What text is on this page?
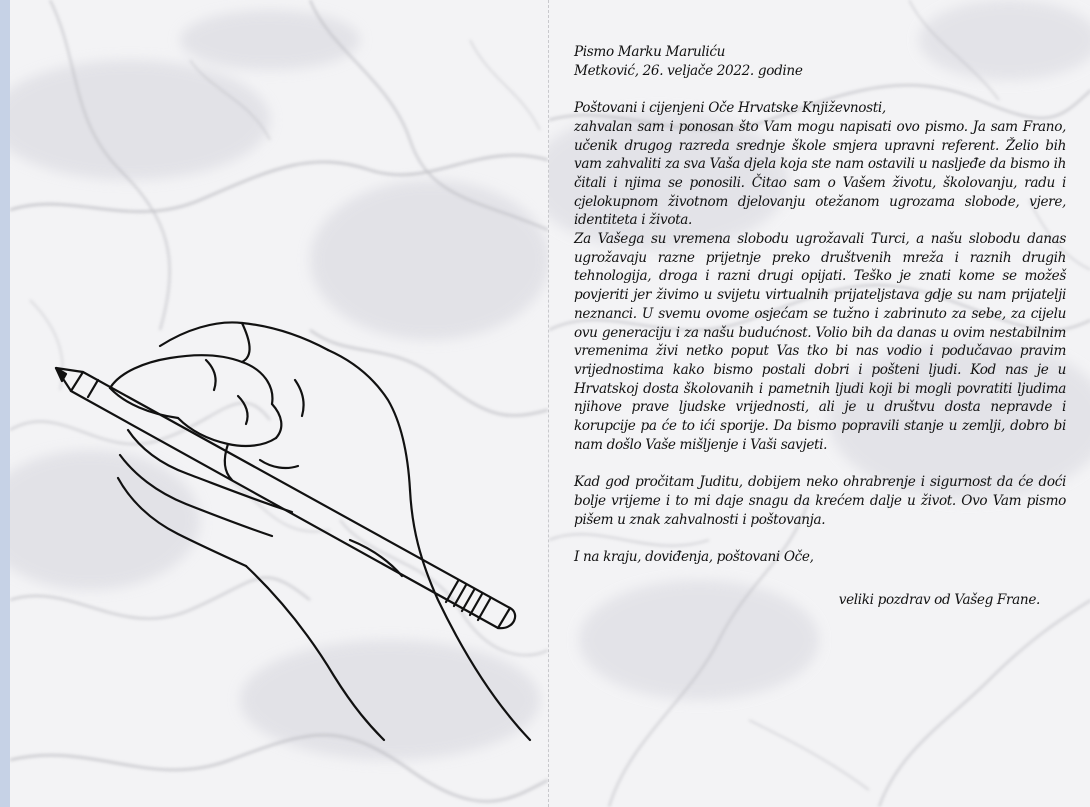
Pismo Marku Maruliću

Metković, 26. veljače 2022. godine

Poštovani i cijenjeni Oče Hrvatske Književnosti,

zahvalan sam i ponosan što Vam mogu napisati ovo pismo. Ja sam Frano, učenik drugog razreda srednje škole smjera upravni referent. Želio bih vam zahvaliti za sva Vaša djela koja ste nam ostavili u nasljeđe da bismo ih čitali i njima se ponosili. Čitao sam o Vašem životu, školovanju, radu i cjelokupnom životnom djelovanju otežanom ugrozama slobode, vjere, identiteta i života.

Za Vašega su vremena slobodu ugrožavali Turci, a našu slobodu danas ugrožavaju razne prijetnje preko društvenih mreža i raznih drugih tehnologija, droga i razni drugi opijati. Teško je znati kome se možeš povjeriti jer živimo u svijetu virtualnih prijateljstava gdje su nam prijatelji neznanci. U svemu ovome osjećam se tužno i zabrinuto za sebe, za cijelu ovu generaciju i za našu budućnost. Volio bih da danas u ovim nestabilnim vremenima živi netko poput Vas tko bi nas vodio i podučavao pravim vrijednostima kako bismo postali dobri i pošteni ljudi. Kod nas je u Hrvatskoj dosta školovanih i pametnih ljudi koji bi mogli povratiti ljudima njihove prave ljudske vrijednosti, ali je u društvu dosta nepravde i korupcije pa će to ići sporije. Da bismo popravili stanje u zemlji, dobro bi nam došlo Vaše mišljenje i Vaši savjeti.

Kad god pročitam Juditu, dobijem neko ohrabrenje i sigurnost da će doći bolje vrijeme i to mi daje snagu da krećem dalje u život. Ovo Vam pismo pišem u znak zahvalnosti i poštovanja.

I na kraju, doviđenja, poštovani Oče,

veliki pozdrav od Vašeg Frane.
